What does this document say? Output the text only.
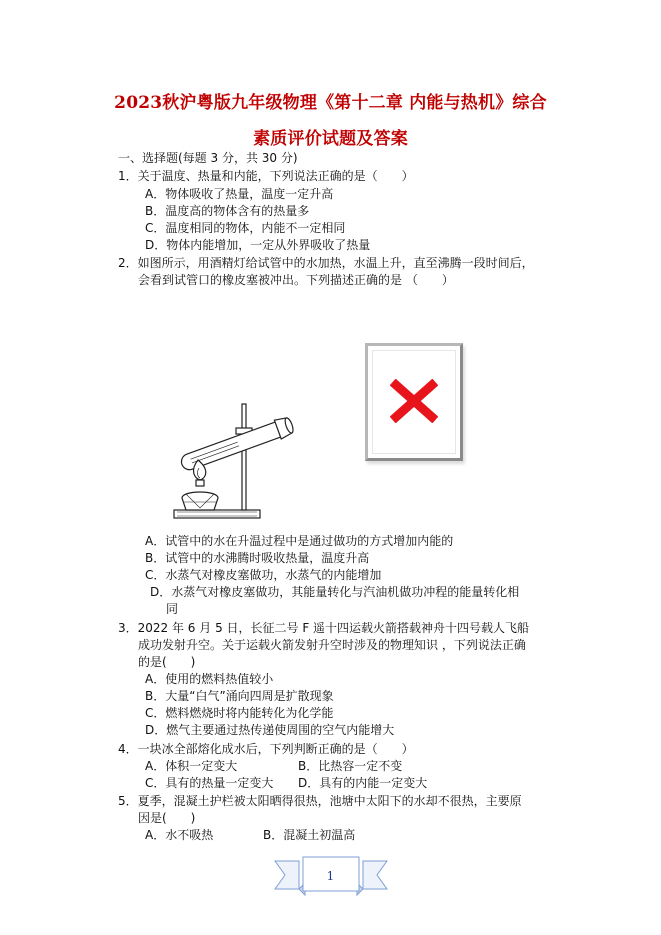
2023秋沪粤版九年级物理《第十二章 内能与热机》综合
素质评价试题及答案
一、选择题(每题 3 分，共 30 分)
1．关于温度、热量和内能，下列说法正确的是（　　）
A．物体吸收了热量，温度一定升高
B．温度高的物体含有的热量多
C．温度相同的物体，内能不一定相同
D．物体内能增加，一定从外界吸收了热量
2．如图所示，用酒精灯给试管中的水加热，水温上升，直至沸腾一段时间后，
会看到试管口的橡皮塞被冲出。下列描述正确的是 （　　）
A．试管中的水在升温过程中是通过做功的方式增加内能的
B．试管中的水沸腾时吸收热量，温度升高
C．水蒸气对橡皮塞做功，水蒸气的内能增加
D．水蒸气对橡皮塞做功，其能量转化与汽油机做功冲程的能量转化相
同
3．2022 年 6 月 5 日，长征二号 F 遥十四运载火箭搭载神舟十四号载人飞船
成功发射升空。关于运载火箭发射升空时涉及的物理知识 ，下列说法正确
的是(　　)
A．使用的燃料热值较小
B．大量“白气”涌向四周是扩散现象
C．燃料燃烧时将内能转化为化学能
D．燃气主要通过热传递使周围的空气内能增大
4．一块冰全部熔化成水后，下列判断正确的是（　　）
A．体积一定变大	B．比热容一定不变
C．具有的热量一定变大 D．具有的内能一定变大
5．夏季，混凝土护栏被太阳晒得很热，池塘中太阳下的水却不很热，主要原
因是(　　)
A．水不吸热	B．混凝土初温高
1
